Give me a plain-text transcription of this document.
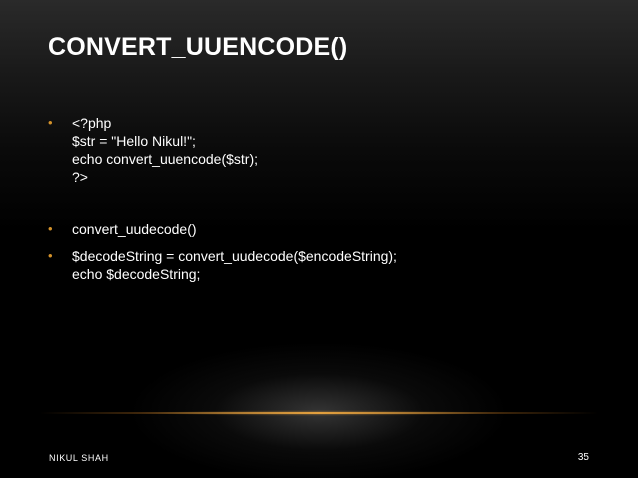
CONVERT_UUENCODE()
• <?php
$str = "Hello Nikul!";
echo convert_uuencode($str);
?>
• convert_uudecode()
• $decodeString = convert_uudecode($encodeString);
echo $decodeString;
NIKUL SHAH	35
